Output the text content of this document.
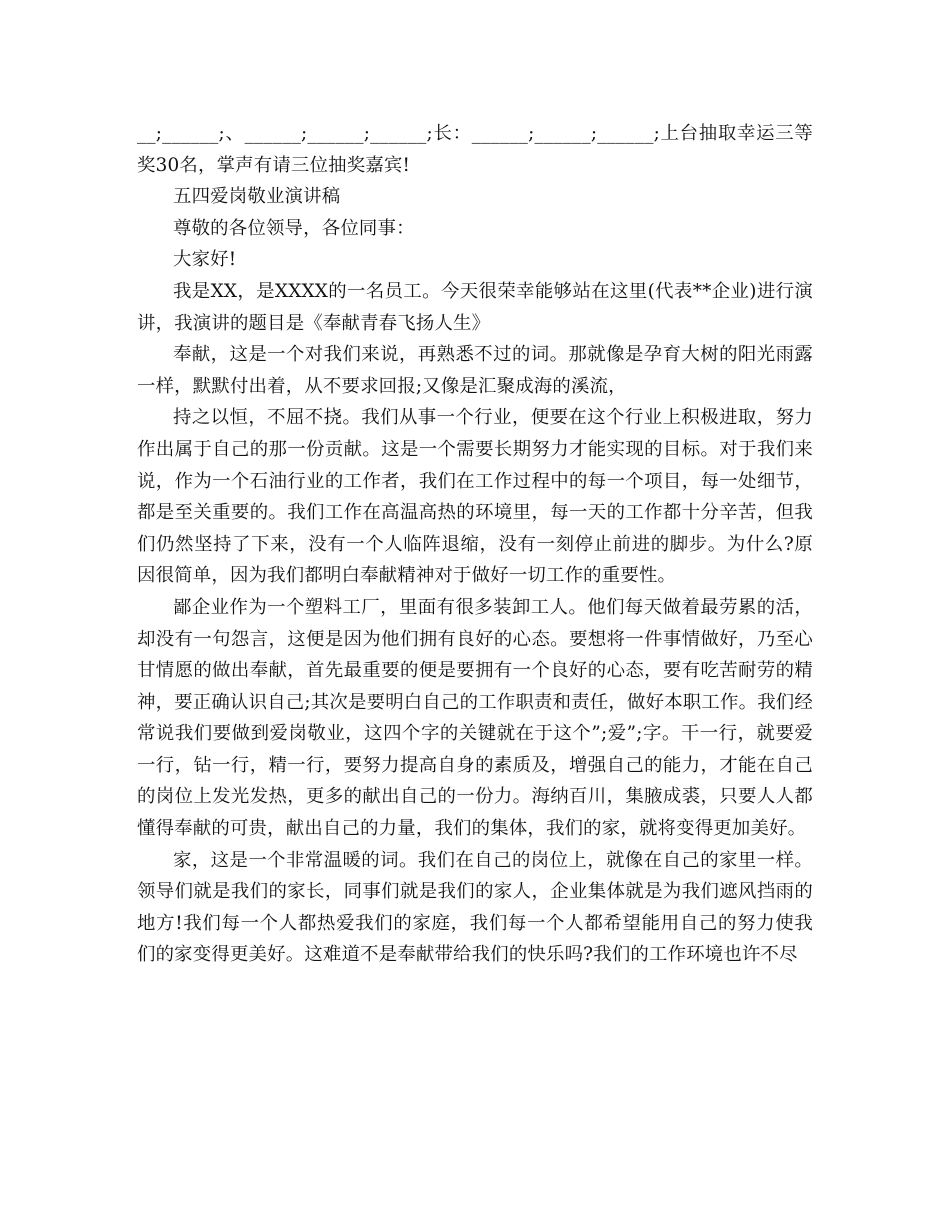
__;______;、______;______;______;长：______;______;______;上台抽取幸运三等奖30名，掌声有请三位抽奖嘉宾!

五四爱岗敬业演讲稿

尊敬的各位领导，各位同事：

大家好!

我是XX，是XXXX的一名员工。今天很荣幸能够站在这里(代表**企业)进行演讲，我演讲的题目是《奉献青春飞扬人生》

奉献，这是一个对我们来说，再熟悉不过的词。那就像是孕育大树的阳光雨露一样，默默付出着，从不要求回报;又像是汇聚成海的溪流，

持之以恒，不屈不挠。我们从事一个行业，便要在这个行业上积极进取，努力作出属于自己的那一份贡献。这是一个需要长期努力才能实现的目标。对于我们来说，作为一个石油行业的工作者，我们在工作过程中的每一个项目，每一处细节，都是至关重要的。我们工作在高温高热的环境里，每一天的工作都十分辛苦，但我们仍然坚持了下来，没有一个人临阵退缩，没有一刻停止前进的脚步。为什么?原因很简单，因为我们都明白奉献精神对于做好一切工作的重要性。

鄙企业作为一个塑料工厂，里面有很多装卸工人。他们每天做着最劳累的活，却没有一句怨言，这便是因为他们拥有良好的心态。要想将一件事情做好，乃至心甘情愿的做出奉献，首先最重要的便是要拥有一个良好的心态，要有吃苦耐劳的精神，要正确认识自己;其次是要明白自己的工作职责和责任，做好本职工作。我们经常说我们要做到爱岗敬业，这四个字的关键就在于这个”;爱”;字。干一行，就要爱一行，钻一行，精一行，要努力提高自身的素质及，增强自己的能力，才能在自己的岗位上发光发热，更多的献出自己的一份力。海纳百川，集腋成裘，只要人人都懂得奉献的可贵，献出自己的力量，我们的集体，我们的家，就将变得更加美好。

家，这是一个非常温暖的词。我们在自己的岗位上，就像在自己的家里一样。领导们就是我们的家长，同事们就是我们的家人，企业集体就是为我们遮风挡雨的地方!我们每一个人都热爱我们的家庭，我们每一个人都希望能用自己的努力使我们的家变得更美好。这难道不是奉献带给我们的快乐吗?我们的工作环境也许不尽
